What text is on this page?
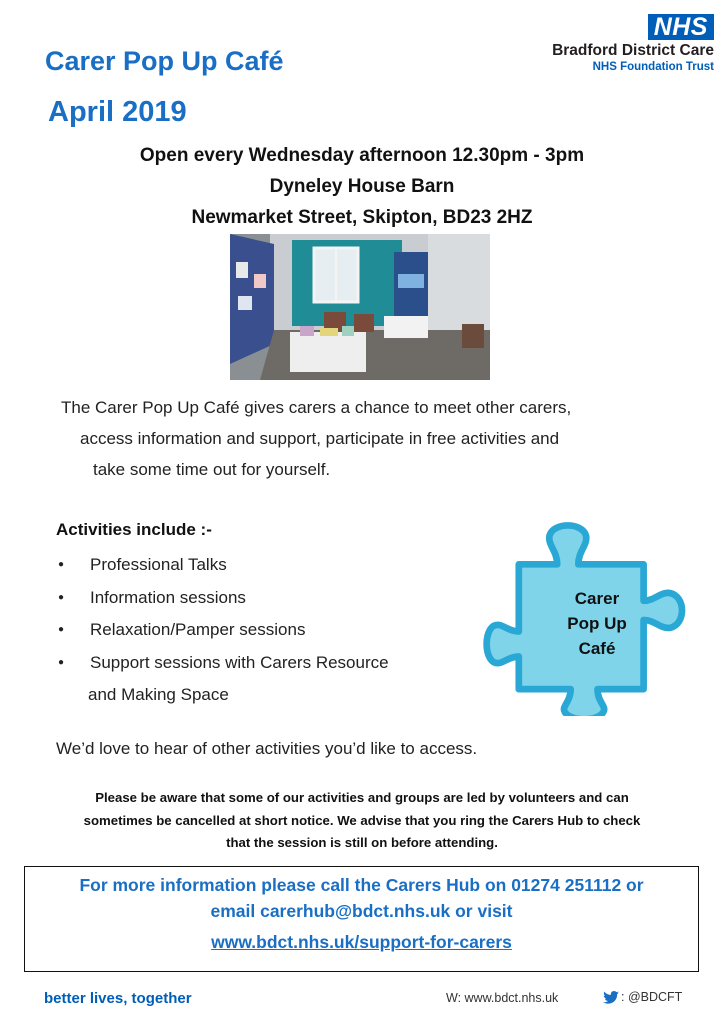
Carer Pop Up Café
April 2019
NHS
Bradford District Care
NHS Foundation Trust
Open every Wednesday afternoon 12.30pm - 3pm
Dyneley House Barn
Newmarket Street, Skipton, BD23 2HZ
The Carer Pop Up Café gives carers a chance to meet other carers,
access information and support, participate in free activities and
take some time out for yourself.
Activities include :-
● Professional Talks
● Information sessions
● Relaxation/Pamper sessions
● Support sessions with Carers Resource
and Making Space
Carer
Pop Up
Café
We’d love to hear of other activities you’d like to access.
Please be aware that some of our activities and groups are led by volunteers and can
sometimes be cancelled at short notice. We advise that you ring the Carers Hub to check
that the session is still on before attending.
For more information please call the Carers Hub on 01274 251112 or
email carerhub@bdct.nhs.uk or visit
www.bdct.nhs.uk/support-for-carers
better lives, together	W: www.bdct.nhs.uk	: @BDCFT
